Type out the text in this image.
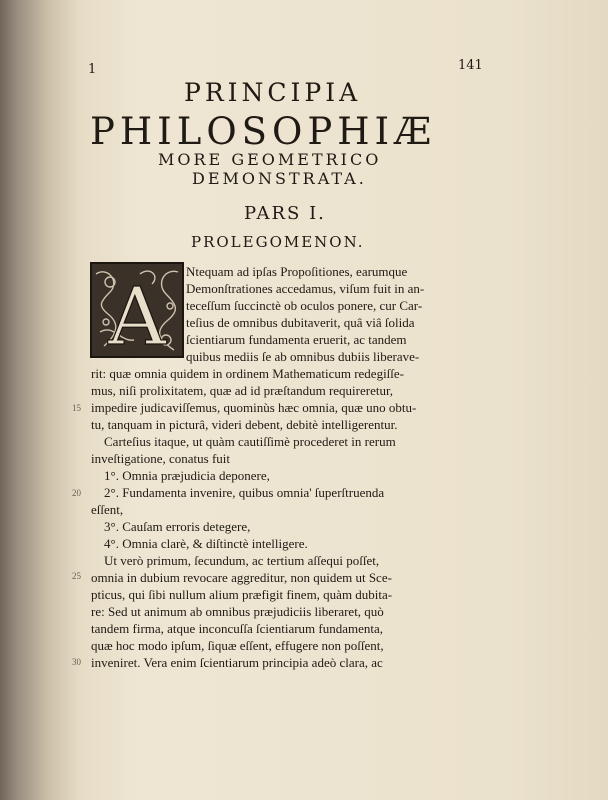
1	141
PRINCIPIA
PHILOSOPHIÆ
MORE GEOMETRICO
DEMONSTRATA.
PARS I.
PROLEGOMENON.
A Ntequam ad ipſas Propoſitiones, earumque
Demonſtrationes accedamus, viſum fuit in an-
teceſſum ſuccinctè ob oculos ponere, cur Car-
teſius de omnibus dubitaverit, quâ viâ ſolida
ſcientiarum fundamenta eruerit, ac tandem
quibus mediis ſe ab omnibus dubiis liberave-
rit: quæ omnia quidem in ordinem Mathematicum redegiſſe-
mus, niſi prolixitatem, quæ ad id præſtandum requireretur,
impedire judicaviſſemus, quominùs hæc omnia, quæ uno obtu-
tu, tanquam in picturâ, videri debent, debitè intelligerentur.
Carteſius itaque, ut quàm cautiſſimè procederet in rerum
inveſtigatione, conatus fuit
1°. Omnia præjudicia deponere,
2°. Fundamenta invenire, quibus omnia' ſuperſtruenda
eſſent,
3°. Cauſam erroris detegere,
4°. Omnia clarè, & diſtinctè intelligere.
Ut verò primum, ſecundum, ac tertium aſſequi poſſet,
omnia in dubium revocare aggreditur, non quidem ut Sce-
pticus, qui ſibi nullum alium præfigit finem, quàm dubita-
re: Sed ut animum ab omnibus præjudiciis liberaret, quò
tandem firma, atque inconcuſſa ſcientiarum fundamenta,
quæ hoc modo ipſum, ſiquæ eſſent, effugere non poſſent,
inveniret. Vera enim ſcientiarum principia adeò clara, ac
15
20
25
30
